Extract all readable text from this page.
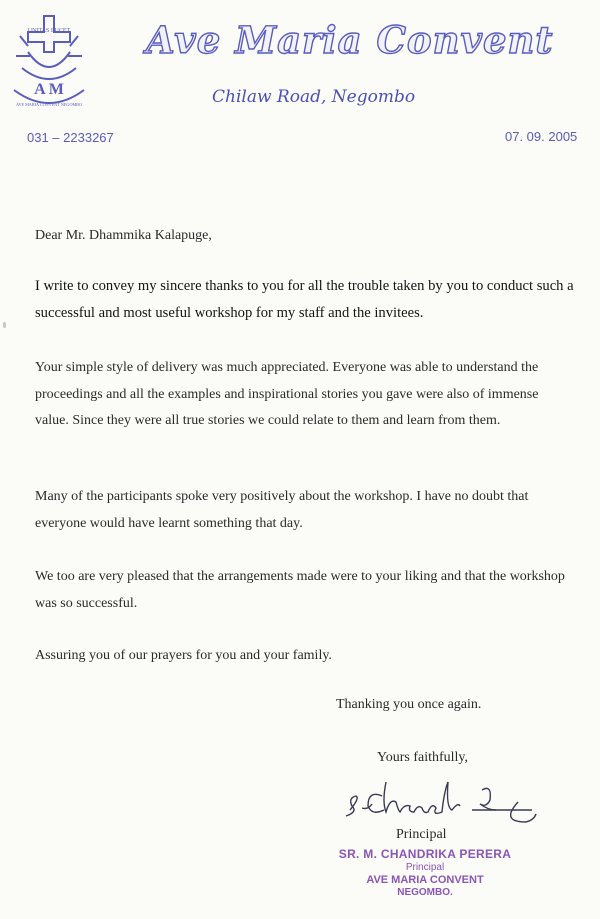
UNITAS LUCET
A M
AVE MARIA CONVENT NEGOMBO
Ave Maria Convent
Chilaw Road, Negombo
031 – 2233267	07. 09. 2005
Dear Mr. Dhammika Kalapuge,
I write to convey my sincere thanks to you for all the trouble taken by you to conduct such a successful and most useful workshop for my staff and the invitees.
Your simple style of delivery was much appreciated. Everyone was able to understand the proceedings and all the examples and inspirational stories you gave were also of immense value. Since they were all true stories we could relate to them and learn from them.
Many of the participants spoke very positively about the workshop. I have no doubt that everyone would have learnt something that day.
We too are very pleased that the arrangements made were to your liking and that the workshop was so successful.
Assuring you of our prayers for you and your family.
Thanking you once again.
Yours faithfully,
Principal
SR. M. CHANDRIKA PERERA
Principal
AVE MARIA CONVENT
NEGOMBO.
